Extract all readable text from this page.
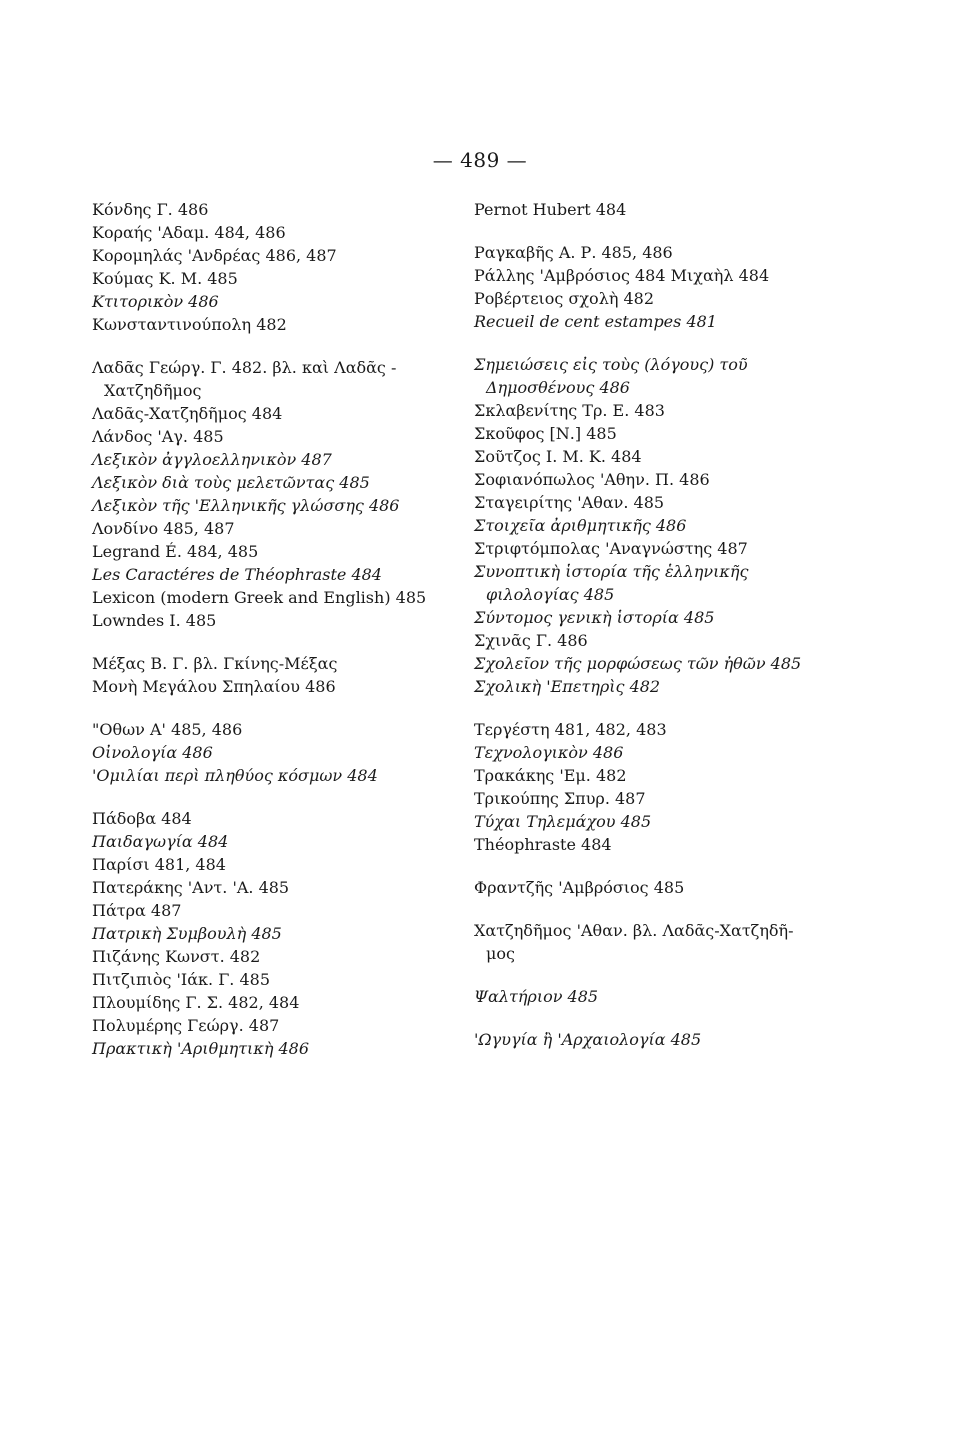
— 489 —
Κόνδης Γ. 486
Κοραής 'Αδαμ. 484, 486
Κορομηλάς 'Ανδρέας 486, 487
Κούμας Κ. Μ. 485
Κτιτορικὸν 486
Κωνσταντινούπολη 482
Λαδᾶς Γεώργ. Γ. 482. βλ. καὶ Λαδᾶς -
Χατζηδῆμος
Λαδᾶς-Χατζηδῆμος 484
Λάνδος 'Αγ. 485
Λεξικὸν ἀγγλοελληνικὸν 487
Λεξικὸν διὰ τοὺς μελετῶντας 485
Λεξικὸν τῆς 'Ελληνικῆς γλώσσης 486
Λονδίνο 485, 487
Legrand É. 484, 485
Les Caractéres de Théophraste 484
Lexicon (modern Greek and English) 485
Lowndes I. 485
Μέξας Β. Γ. βλ. Γκίνης-Μέξας
Μονὴ Μεγάλου Σπηλαίου 486
"Οθων Α' 485, 486
Οἰνολογία 486
'Ομιλίαι περὶ πληθύος κόσμων 484
Πάδοβα 484
Παιδαγωγία 484
Παρίσι 481, 484
Πατεράκης 'Αντ. 'Α. 485
Πάτρα 487
Πατρικὴ Συμβουλὴ 485
Πιζάνης Κωνστ. 482
Πιτζιπιὸς 'Ιάκ. Γ. 485
Πλουμίδης Γ. Σ. 482, 484
Πολυμέρης Γεώργ. 487
Πρακτικὴ 'Αριθμητικὴ 486
Pernot Hubert 484
Ραγκαβῆς Α. Ρ. 485, 486
Ράλλης 'Αμβρόσιος 484 Μιχαὴλ 484
Ροβέρτειος σχολὴ 482
Recueil de cent estampes 481
Σημειώσεις εἰς τοὺς (λόγους) τοῦ
Δημοσθένους 486
Σκλαβενίτης Τρ. Ε. 483
Σκοῦφος [Ν.] 485
Σοῦτζος Ι. Μ. Κ. 484
Σοφιανόπωλος 'Αθην. Π. 486
Σταγειρίτης 'Αθαν. 485
Στοιχεῖα ἀριθμητικῆς 486
Στριφτόμπολας 'Αναγνώστης 487
Συνοπτικὴ ἱστορία τῆς ἑλληνικῆς
φιλολογίας 485
Σύντομος γενικὴ ἱστορία 485
Σχινᾶς Γ. 486
Σχολεῖον τῆς μορφώσεως τῶν ἠθῶν 485
Σχολικὴ 'Επετηρὶς 482
Τεργέστη 481, 482, 483
Τεχνολογικὸν 486
Τρακάκης 'Εμ. 482
Τρικούπης Σπυρ. 487
Τύχαι Τηλεμάχου 485
Théophraste 484
Φραντζῆς 'Αμβρόσιος 485
Χατζηδῆμος 'Αθαν. βλ. Λαδᾶς-Χατζηδῆ-
μος
Ψαλτήριον 485
'Ωγυγία ἢ 'Αρχαιολογία 485
